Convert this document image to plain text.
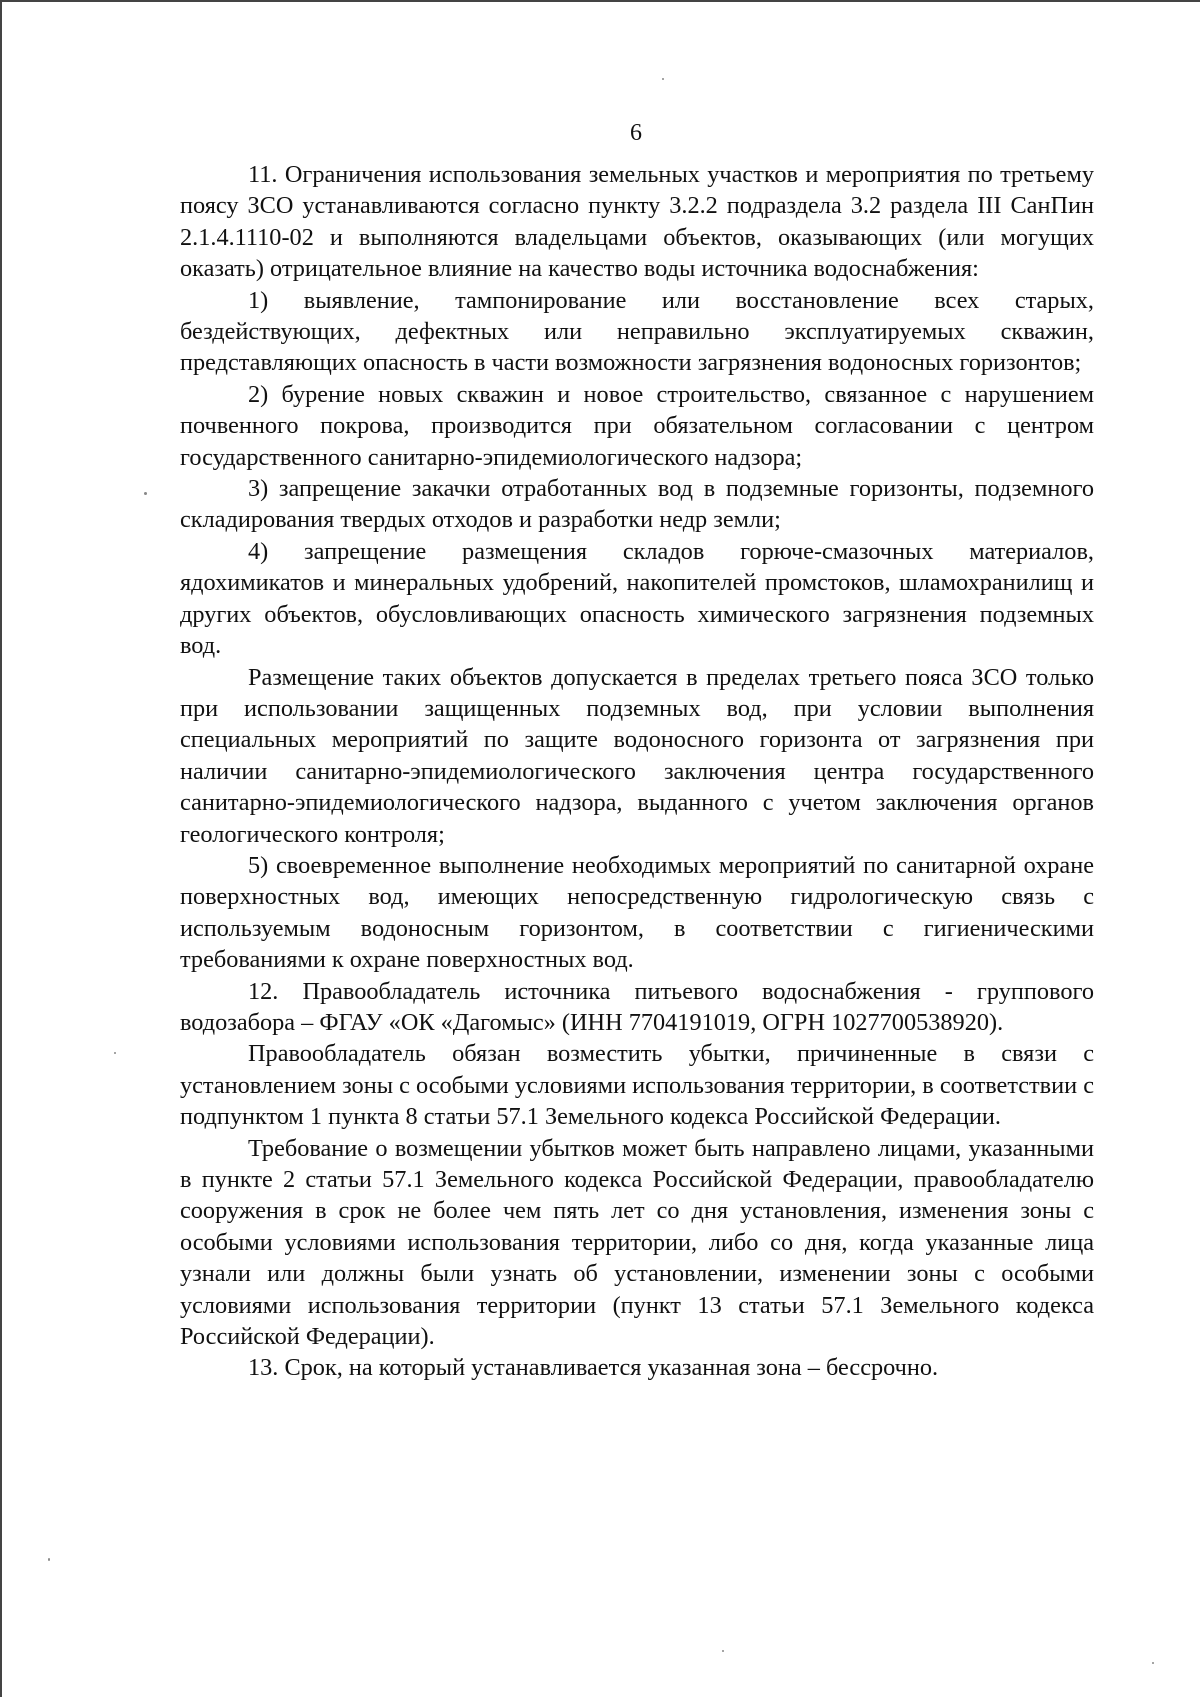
6

11. Ограничения использования земельных участков и мероприятия по третьему поясу ЗСО устанавливаются согласно пункту 3.2.2 подраздела 3.2 раздела III СанПин 2.1.4.1110-02 и выполняются владельцами объектов, оказывающих (или могущих оказать) отрицательное влияние на качество воды источника водоснабжения:

1) выявление, тампонирование или восстановление всех старых, бездействующих, дефектных или неправильно эксплуатируемых скважин, представляющих опасность в части возможности загрязнения водоносных горизонтов;

2) бурение новых скважин и новое строительство, связанное с нарушением почвенного покрова, производится при обязательном согласовании с центром государственного санитарно-эпидемиологического надзора;

3) запрещение закачки отработанных вод в подземные горизонты, подземного складирования твердых отходов и разработки недр земли;

4) запрещение размещения складов горюче-смазочных материалов, ядохимикатов и минеральных удобрений, накопителей промстоков, шламохранилищ и других объектов, обусловливающих опасность химического загрязнения подземных вод.

Размещение таких объектов допускается в пределах третьего пояса ЗСО только при использовании защищенных подземных вод, при условии выполнения специальных мероприятий по защите водоносного горизонта от загрязнения при наличии санитарно-эпидемиологического заключения центра государственного санитарно-эпидемиологического надзора, выданного с учетом заключения органов геологического контроля;

5) своевременное выполнение необходимых мероприятий по санитарной охране поверхностных вод, имеющих непосредственную гидрологическую связь с используемым водоносным горизонтом, в соответствии с гигиеническими требованиями к охране поверхностных вод.

12. Правообладатель источника питьевого водоснабжения - группового водозабора – ФГАУ «ОК «Дагомыс» (ИНН 7704191019, ОГРН 1027700538920).

Правообладатель обязан возместить убытки, причиненные в связи с установлением зоны с особыми условиями использования территории, в соответствии с подпунктом 1 пункта 8 статьи 57.1 Земельного кодекса Российской Федерации.

Требование о возмещении убытков может быть направлено лицами, указанными в пункте 2 статьи 57.1 Земельного кодекса Российской Федерации, правообладателю сооружения в срок не более чем пять лет со дня установления, изменения зоны с особыми условиями использования территории, либо со дня, когда указанные лица узнали или должны были узнать об установлении, изменении зоны с особыми условиями использования территории (пункт 13 статьи 57.1 Земельного кодекса Российской Федерации).

13. Срок, на который устанавливается указанная зона – бессрочно.
